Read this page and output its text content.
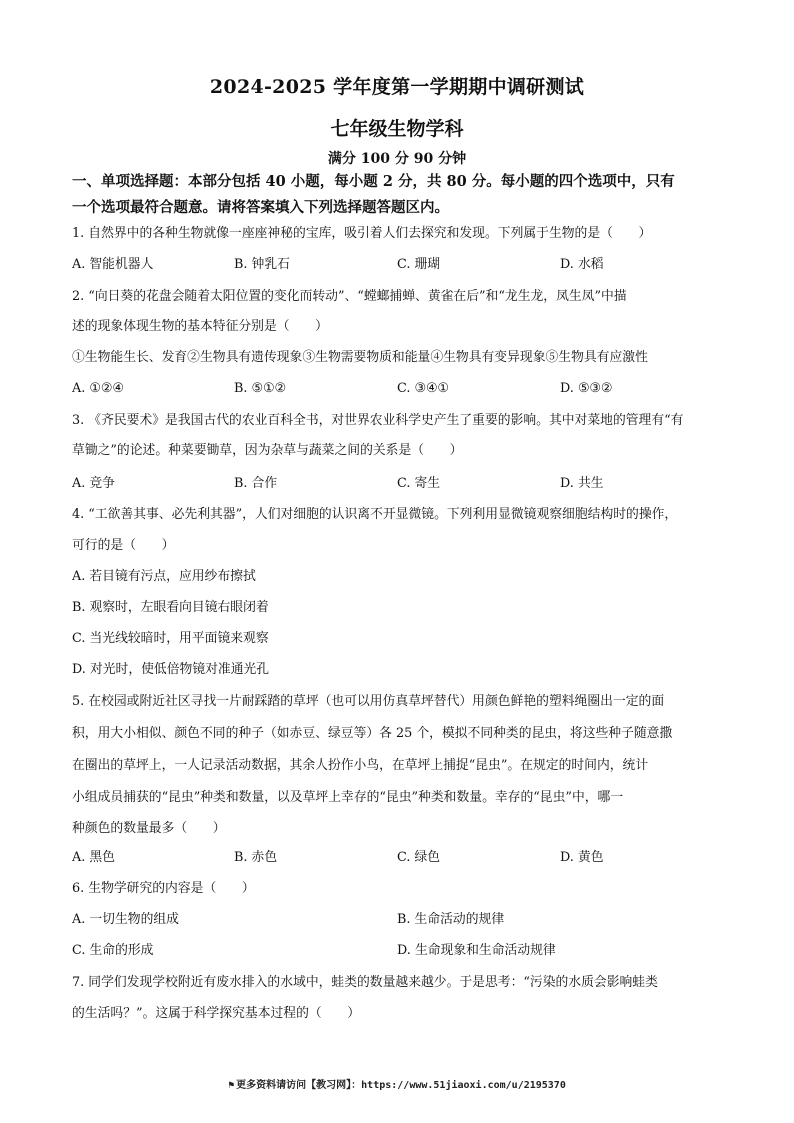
2024-2025 学年度第一学期期中调研测试
七年级生物学科
满分 100 分 90 分钟
一、单项选择题：本部分包括 40 小题，每小题 2 分，共 80 分。每小题的四个选项中，只有
一个选项最符合题意。请将答案填入下列选择题答题区内。
1. 自然界中的各种生物就像一座座神秘的宝库，吸引着人们去探究和发现。下列属于生物的是（　　）
A. 智能机器人	B. 钟乳石	C. 珊瑚	D. 水稻
2. “向日葵的花盘会随着太阳位置的变化而转动”、“螳螂捕蝉、黄雀在后”和“龙生龙，凤生凤”中描
述的现象体现生物的基本特征分别是（　　）
①生物能生长、发育②生物具有遗传现象③生物需要物质和能量④生物具有变异现象⑤生物具有应激性
A. ①②④	B. ⑤①②	C. ③④①	D. ⑤③②
3. 《齐民要术》是我国古代的农业百科全书，对世界农业科学史产生了重要的影响。其中对菜地的管理有“有
草锄之”的论述。种菜要锄草，因为杂草与蔬菜之间的关系是（　　）
A. 竞争	B. 合作	C. 寄生	D. 共生
4. “工欲善其事、必先利其器”，人们对细胞的认识离不开显微镜。下列利用显微镜观察细胞结构时的操作，
可行的是（　　）
A. 若目镜有污点，应用纱布擦拭
B. 观察时，左眼看向目镜右眼闭着
C. 当光线较暗时，用平面镜来观察
D. 对光时，使低倍物镜对准通光孔
5. 在校园或附近社区寻找一片耐踩踏的草坪（也可以用仿真草坪替代）用颜色鲜艳的塑料绳圈出一定的面
积，用大小相似、颜色不同的种子（如赤豆、绿豆等）各 25 个，模拟不同种类的昆虫，将这些种子随意撒
在圈出的草坪上，一人记录活动数据，其余人扮作小鸟，在草坪上捕捉“昆虫”。在规定的时间内，统计
小组成员捕获的“昆虫”种类和数量，以及草坪上幸存的“昆虫”种类和数量。幸存的“昆虫”中，哪一
种颜色的数量最多（　　）
A. 黑色	B. 赤色	C. 绿色	D. 黄色
6. 生物学研究的内容是（　　）
A. 一切生物的组成	B. 生命活动的规律
C. 生命的形成	D. 生命现象和生命活动规律
7. 同学们发现学校附近有废水排入的水域中，蛙类的数量越来越少。于是思考：“污染的水质会影响蛙类
的生活吗？”。这属于科学探究基本过程的（　　）
⚑ 更多资料请访问【教习网】：https://www.51jiaoxi.com/u/2195370
